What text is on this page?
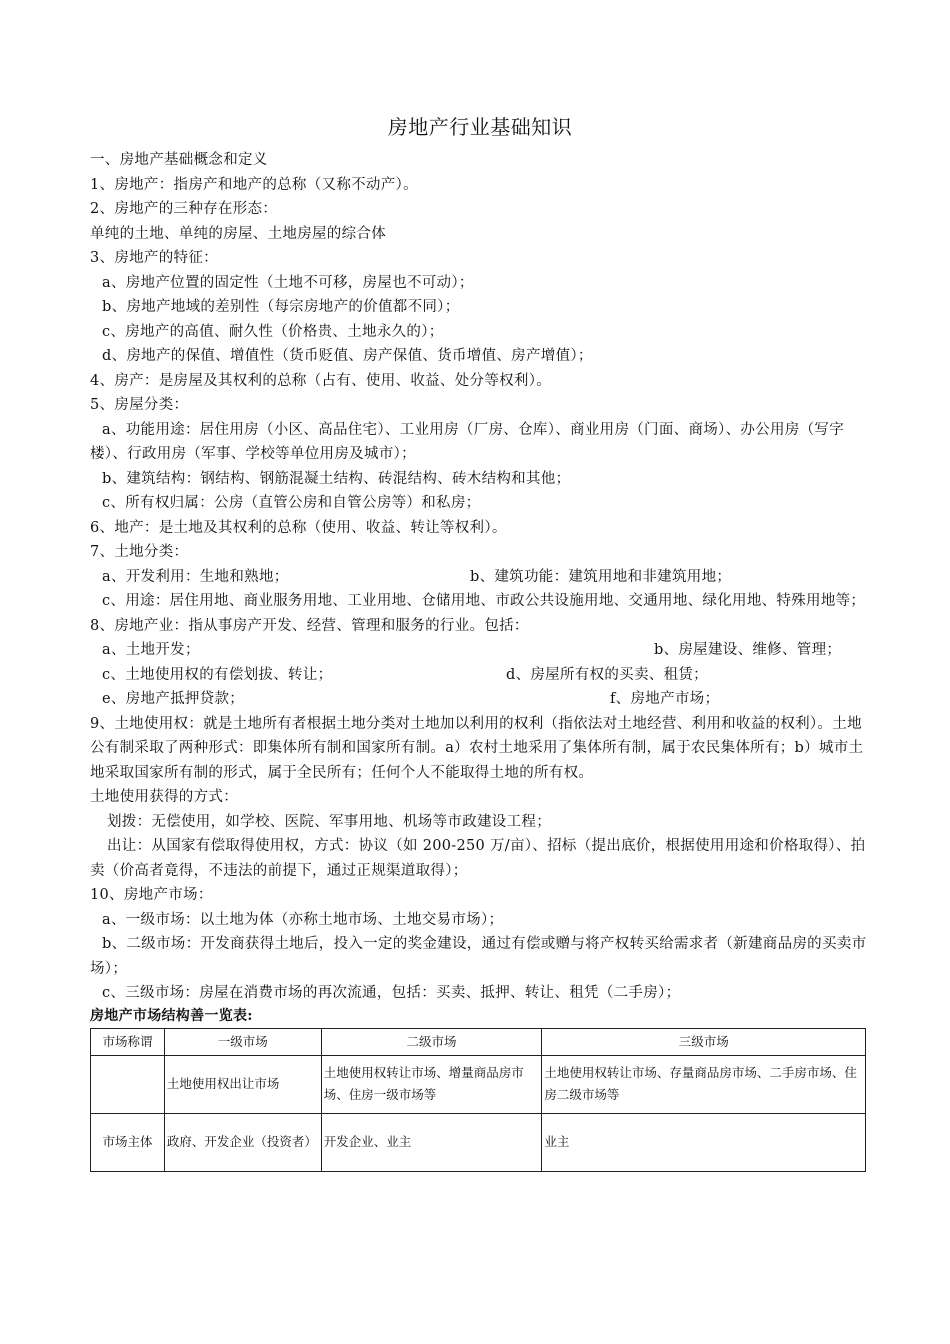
房地产行业基础知识

一、房地产基础概念和定义

1、房地产：指房产和地产的总称（又称不动产）。

2、房地产的三种存在形态：

单纯的土地、单纯的房屋、土地房屋的综合体

3、房地产的特征：

a、房地产位置的固定性（土地不可移，房屋也不可动）；

b、房地产地域的差别性（每宗房地产的价值都不同）；

c、房地产的高值、耐久性（价格贵、土地永久的）；

d、房地产的保值、增值性（货币贬值、房产保值、货币增值、房产增值）；

4、房产：是房屋及其权利的总称（占有、使用、收益、处分等权利）。

5、房屋分类：

a、功能用途：居住用房（小区、高品住宅）、工业用房（厂房、仓库）、商业用房（门面、商场）、办公用房（写字楼）、行政用房（军事、学校等单位用房及城市）；

b、建筑结构：钢结构、钢筋混凝土结构、砖混结构、砖木结构和其他；

c、所有权归属：公房（直管公房和自管公房等）和私房；

6、地产：是土地及其权利的总称（使用、收益、转让等权利）。

7、土地分类：

a、开发利用：生地和熟地；	b、建筑功能：建筑用地和非建筑用地；

c、用途：居住用地、商业服务用地、工业用地、仓储用地、市政公共设施用地、交通用地、绿化用地、特殊用地等；

8、房地产业：指从事房产开发、经营、管理和服务的行业。包括：

a、土地开发；	b、房屋建设、维修、管理；

c、土地使用权的有偿划拔、转让；	d、房屋所有权的买卖、租赁；

e、房地产抵押贷款；	f、房地产市场；

9、土地使用权：就是土地所有者根据土地分类对土地加以利用的权利（指依法对土地经营、利用和收益的权利）。土地公有制采取了两种形式：即集体所有制和国家所有制。a）农村土地采用了集体所有制，属于农民集体所有；b）城市土地采取国家所有制的形式，属于全民所有；任何个人不能取得土地的所有权。

土地使用获得的方式：

划拨：无偿使用，如学校、医院、军事用地、机场等市政建设工程；

出让：从国家有偿取得使用权，方式：协议（如 200-250 万/亩）、招标（提出底价，根据使用用途和价格取得）、拍卖（价高者竟得，不违法的前提下，通过正规渠道取得）；

10、房地产市场：

a、一级市场：以土地为体（亦称土地市场、土地交易市场）；

b、二级市场：开发商获得土地后，投入一定的奖金建设，通过有偿或赠与将产权转买给需求者（新建商品房的买卖市场）；

c、三级市场：房屋在消费市场的再次流通，包括：买卖、抵押、转让、租凭（二手房）；

房地产市场结构善一览表:

市场称谓	一级市场	二级市场	三级市场
	土地使用权出让市场	土地使用权转让市场、增量商品房市场、住房一级市场等	土地使用权转让市场、存量商品房市场、二手房市场、住房二级市场等
市场主体	政府、开发企业（投资者）	开发企业、业主	业主
